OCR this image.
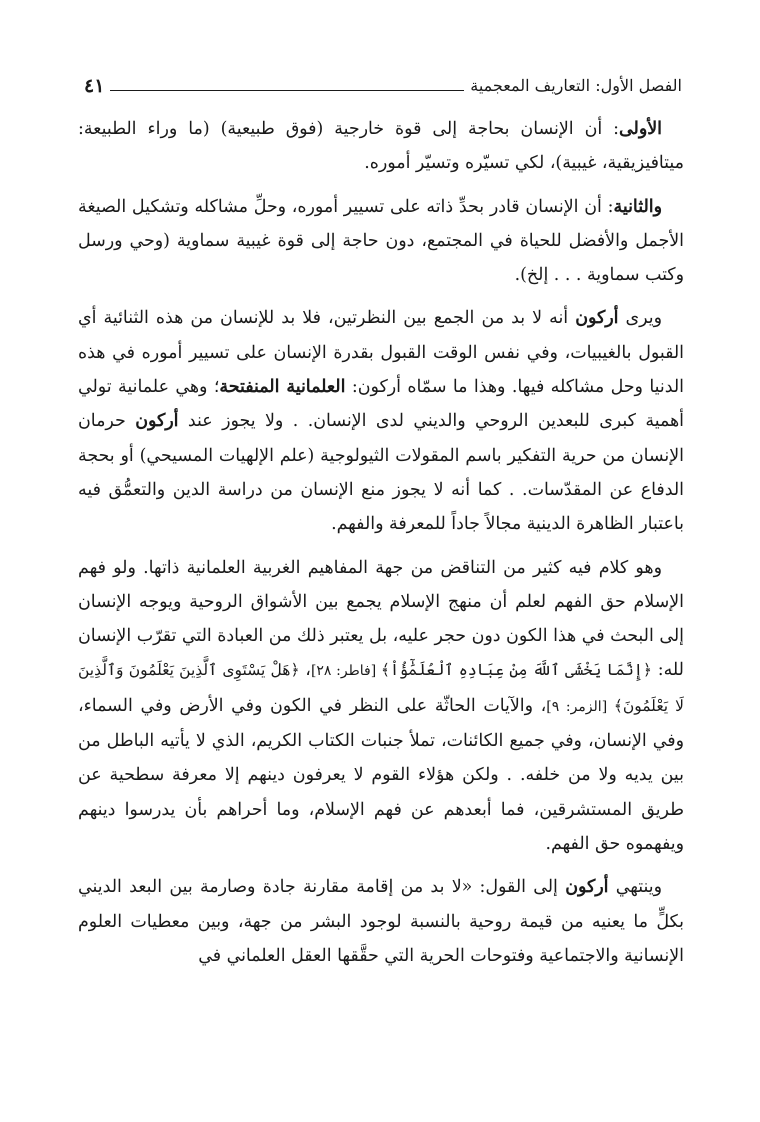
الفصل الأول: التعاريف المعجمية
٤١

الأولى: أن الإنسان بحاجة إلى قوة خارجية (فوق طبيعية) (ما وراء الطبيعة: ميتافيزيقية، غيبية)، لكي تسيّره وتسيّر أموره.

والثانية: أن الإنسان قادر بحدِّ ذاته على تسيير أموره، وحلِّ مشاكله وتشكيل الصيغة الأجمل والأفضل للحياة في المجتمع، دون حاجة إلى قوة غيبية سماوية (وحي ورسل وكتب سماوية . . . إلخ).

ويرى أركون أنه لا بد من الجمع بين النظرتين، فلا بد للإنسان من هذه الثنائية أي القبول بالغيبيات، وفي نفس الوقت القبول بقدرة الإنسان على تسيير أموره في هذه الدنيا وحل مشاكله فيها. وهذا ما سمّاه أركون: العلمانية المنفتحة؛ وهي علمانية تولي أهمية كبرى للبعدين الروحي والديني لدى الإنسان. . ولا يجوز عند أركون حرمان الإنسان من حرية التفكير باسم المقولات الثيولوجية (علم الإلهيات المسيحي) أو بحجة الدفاع عن المقدّسات. . كما أنه لا يجوز منع الإنسان من دراسة الدين والتعمُّق فيه باعتبار الظاهرة الدينية مجالاً جاداً للمعرفة والفهم.

وهو كلام فيه كثير من التناقض من جهة المفاهيم الغربية العلمانية ذاتها. ولو فهم الإسلام حق الفهم لعلم أن منهج الإسلام يجمع بين الأشواق الروحية ويوجه الإنسان إلى البحث في هذا الكون دون حجر عليه، بل يعتبر ذلك من العبادة التي تقرّب الإنسان لله: ﴿إِنَّمَا يَخْشَى ٱللَّهَ مِنْ عِبَادِهِ ٱلْعُلَمَٰٓؤُاْ﴾ [فاطر: ٢٨]، ﴿هَلْ يَسْتَوِى ٱلَّذِينَ يَعْلَمُونَ وَٱلَّذِينَ لَا يَعْلَمُونَ﴾ [الزمر: ٩]، والآيات الحاثّة على النظر في الكون وفي الأرض وفي السماء، وفي الإنسان، وفي جميع الكائنات، تملأ جنبات الكتاب الكريم، الذي لا يأتيه الباطل من بين يديه ولا من خلفه. . ولكن هؤلاء القوم لا يعرفون دينهم إلا معرفة سطحية عن طريق المستشرقين، فما أبعدهم عن فهم الإسلام، وما أحراهم بأن يدرسوا دينهم ويفهموه حق الفهم.

وينتهي أركون إلى القول: «لا بد من إقامة مقارنة جادة وصارمة بين البعد الديني بكلٍّ ما يعنيه من قيمة روحية بالنسبة لوجود البشر من جهة، وبين معطيات العلوم الإنسانية والاجتماعية وفتوحات الحرية التي حقَّقها العقل العلماني في
